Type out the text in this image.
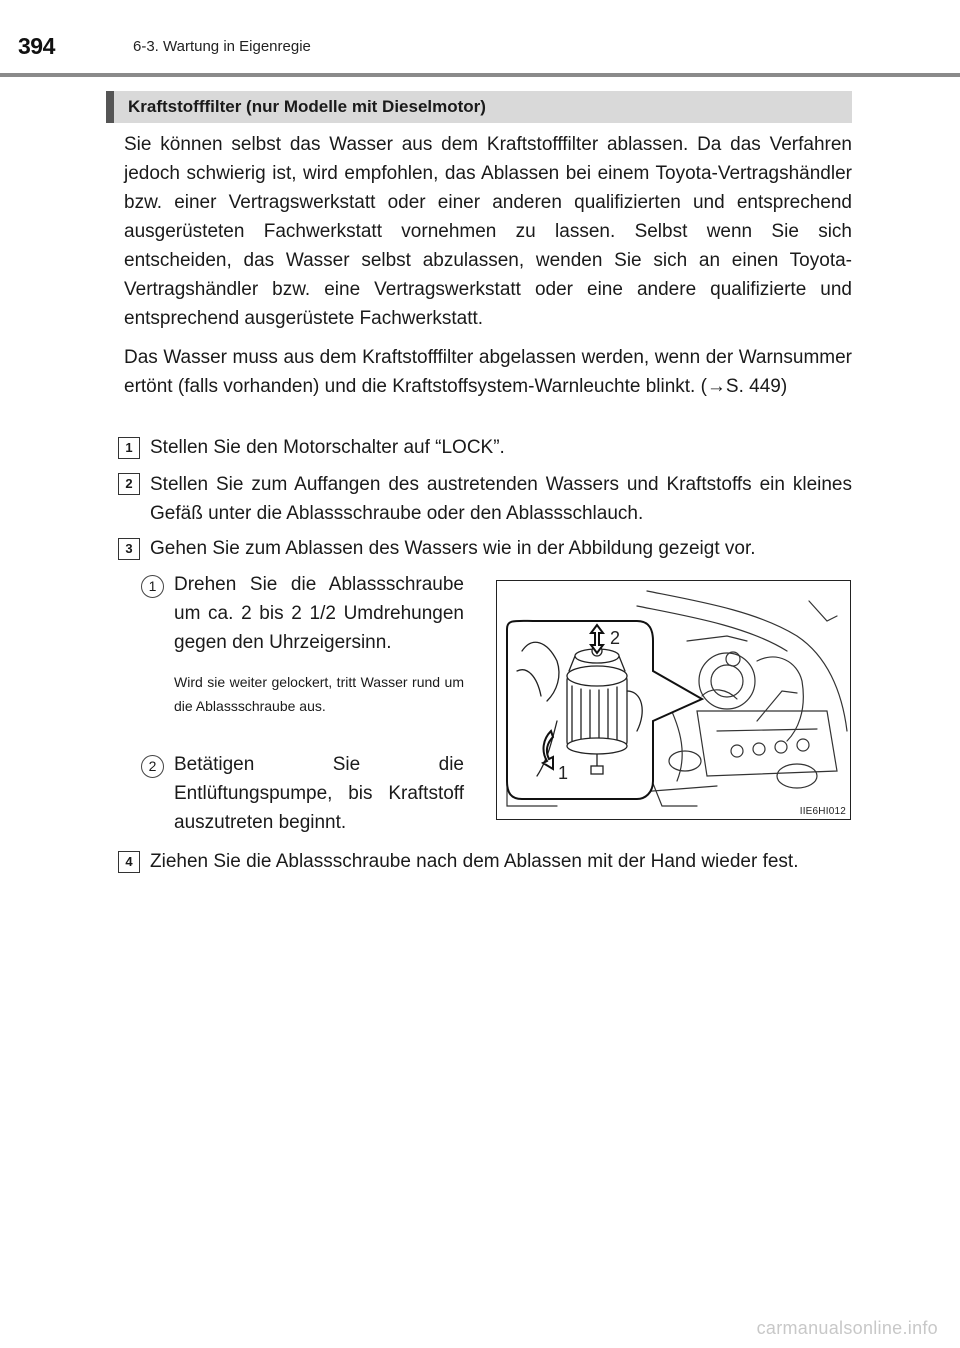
394	6-3. Wartung in Eigenregie
Kraftstofffilter (nur Modelle mit Dieselmotor)

Sie können selbst das Wasser aus dem Kraftstofffilter ablassen. Da das Verfahren jedoch schwierig ist, wird empfohlen, das Ablassen bei einem Toyota-Vertragshändler bzw. einer Vertragswerkstatt oder einer anderen qualifizierten und entsprechend ausgerüsteten Fachwerkstatt vornehmen zu lassen. Selbst wenn Sie sich entscheiden, das Wasser selbst abzulassen, wenden Sie sich an einen Toyota-Vertragshändler bzw. eine Vertragswerkstatt oder eine andere qualifizierte und entsprechend ausgerüstete Fachwerkstatt.

Das Wasser muss aus dem Kraftstofffilter abgelassen werden, wenn der Warnsummer ertönt (falls vorhanden) und die Kraftstoffsystem-Warnleuchte blinkt. (→S. 449)

1 Stellen Sie den Motorschalter auf “LOCK”.

2 Stellen Sie zum Auffangen des austretenden Wassers und Kraftstoffs ein kleines Gefäß unter die Ablassschraube oder den Ablassschlauch.

3 Gehen Sie zum Ablassen des Wassers wie in der Abbildung gezeigt vor.

1 Drehen Sie die Ablassschraube um ca. 2 bis 2 1/2 Umdrehungen gegen den Uhrzeigersinn.

Wird sie weiter gelockert, tritt Wasser rund um die Ablassschraube aus.

2 Betätigen Sie die Entlüftungspumpe, bis Kraftstoff auszutreten beginnt.

4 Ziehen Sie die Ablassschraube nach dem Ablassen mit der Hand wieder fest.

2
1
IIE6HI012
carmanualsonline.info
